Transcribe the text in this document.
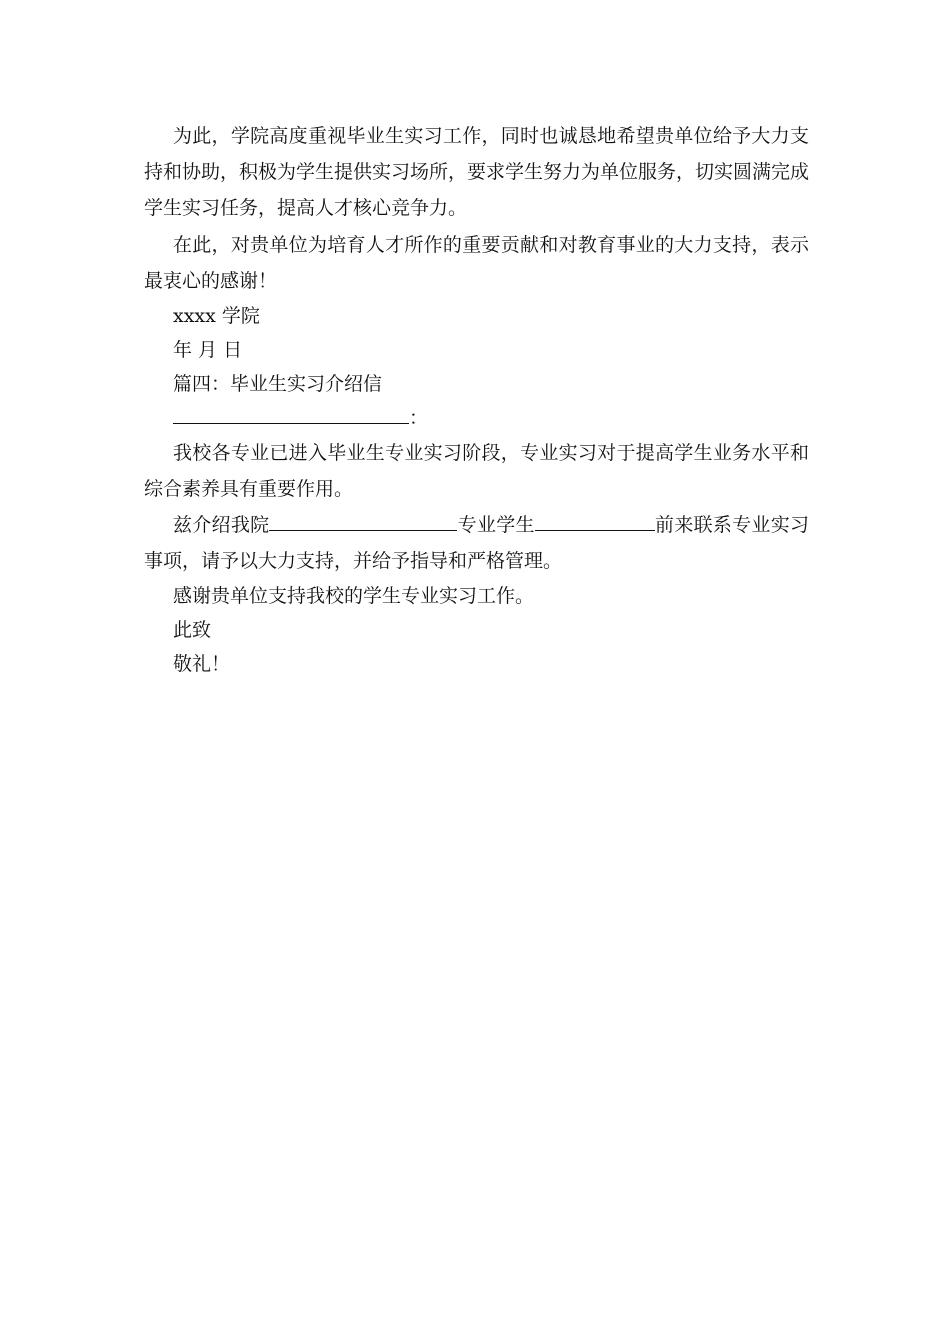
为此，学院高度重视毕业生实习工作，同时也诚恳地希望贵单位给予大力支持和协助，积极为学生提供实习场所，要求学生努力为单位服务，切实圆满完成学生实习任务，提高人才核心竞争力。

在此，对贵单位为培育人才所作的重要贡献和对教育事业的大力支持，表示最衷心的感谢！

xxxx 学院

年 月 日

篇四：毕业生实习介绍信

：

我校各专业已进入毕业生专业实习阶段，专业实习对于提高学生业务水平和综合素养具有重要作用。

兹介绍我院	专业学生	前来联系专业实习事项，请予以大力支持，并给予指导和严格管理。

感谢贵单位支持我校的学生专业实习工作。

此致

敬礼！
